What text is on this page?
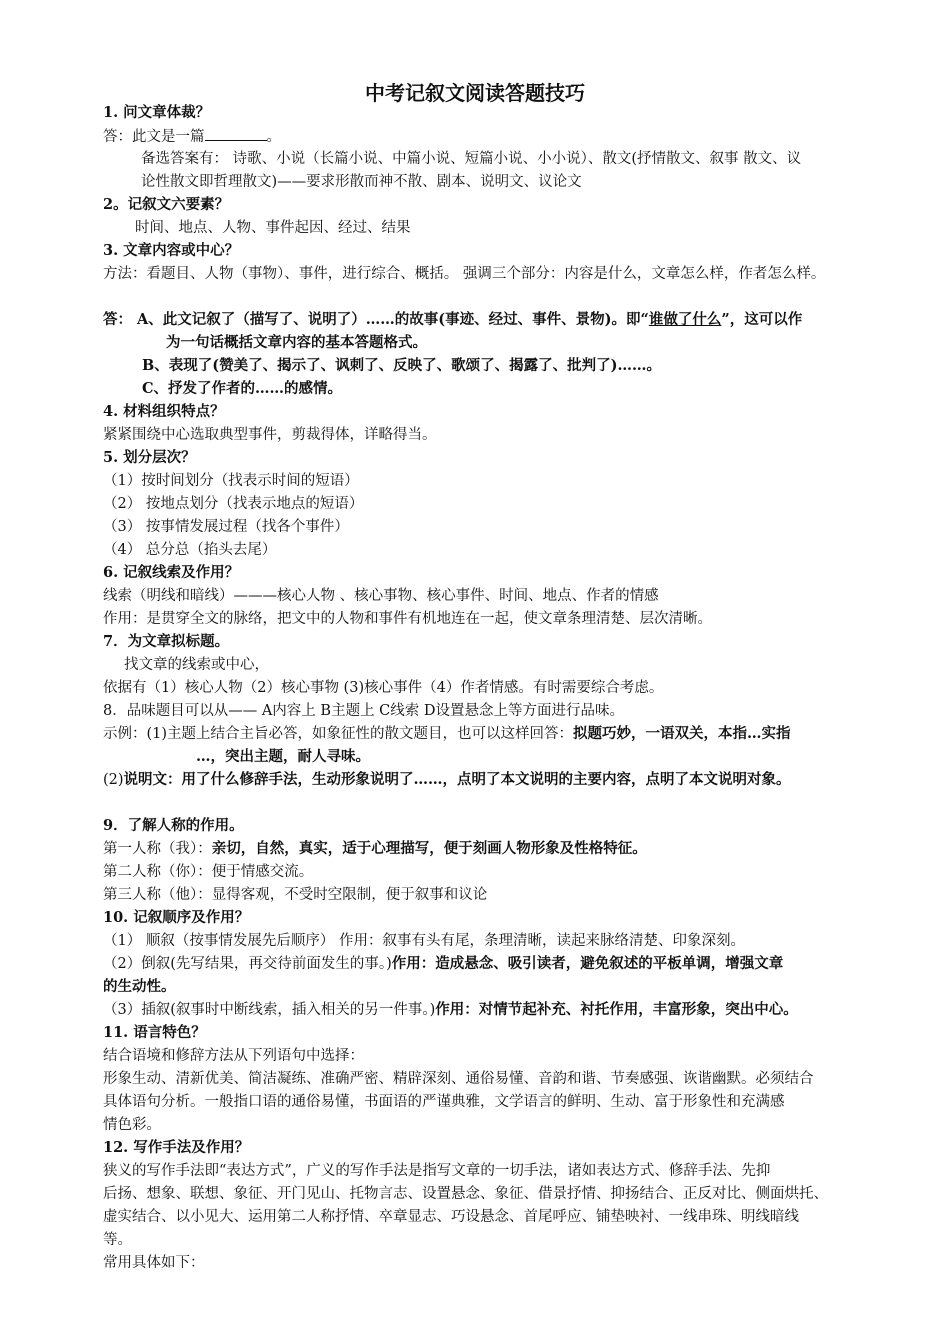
中考记叙文阅读答题技巧
1. 问文章体裁？
答：此文是一篇	。
备选答案有： 诗歌、小说（长篇小说、中篇小说、短篇小说、小小说）、散文(抒情散文、叙事 散文、议
论性散文即哲理散文)——要求形散而神不散、剧本、说明文、议论文
2。记叙文六要素？
时间、地点、人物、事件起因、经过、结果
3. 文章内容或中心？
方法：看题目、人物（事物）、事件，进行综合、概括。 强调三个部分：内容是什么，文章怎么样，作者怎么样。
答： A、此文记叙了（描写了、说明了）……的故事(事迹、经过、事件、景物)。即“谁做了什么”，这可以作
为一句话概括文章内容的基本答题格式。
B、表现了(赞美了、揭示了、讽刺了、反映了、歌颂了、揭露了、批判了)……。
C、抒发了作者的……的感情。
4. 材料组织特点？
紧紧围绕中心选取典型事件，剪裁得体，详略得当。
5. 划分层次？
（1）按时间划分（找表示时间的短语）
（2） 按地点划分（找表示地点的短语）
（3） 按事情发展过程（找各个事件）
（4） 总分总（掐头去尾）
6. 记叙线索及作用？
线索（明线和暗线）———核心人物 、核心事物、核心事件、时间、地点、作者的情感
作用：是贯穿全文的脉络，把文中的人物和事件有机地连在一起，使文章条理清楚、层次清晰。
7．为文章拟标题。
找文章的线索或中心，
依据有（1）核心人物（2）核心事物 (3)核心事件（4）作者情感。有时需要综合考虑。
8．品味题目可以从—— A内容上 B主题上 C线索 D设置悬念上等方面进行品味。
示例：(1)主题上结合主旨必答，如象征性的散文题目，也可以这样回答：拟题巧妙，一语双关，本指…实指
…，突出主题，耐人寻味。
(2)说明文：用了什么修辞手法，生动形象说明了……，点明了本文说明的主要内容，点明了本文说明对象。
9．了解人称的作用。
第一人称（我）：亲切，自然，真实，适于心理描写，便于刻画人物形象及性格特征。
第二人称（你）：便于情感交流。
第三人称（他）：显得客观，不受时空限制，便于叙事和议论
10. 记叙顺序及作用？
（1） 顺叙（按事情发展先后顺序） 作用：叙事有头有尾，条理清晰，读起来脉络清楚、印象深刻。
（2）倒叙(先写结果，再交待前面发生的事。)作用：造成悬念、吸引读者，避免叙述的平板单调，增强文章
的生动性。
（3）插叙(叙事时中断线索，插入相关的另一件事。)作用：对情节起补充、衬托作用，丰富形象，突出中心。
11. 语言特色？
结合语境和修辞方法从下列语句中选择：
形象生动、清新优美、简洁凝练、准确严密、精辟深刻、通俗易懂、音韵和谐、节奏感强、诙谐幽默。必须结合
具体语句分析。一般指口语的通俗易懂，书面语的严谨典雅，文学语言的鲜明、生动、富于形象性和充满感
情色彩。
12. 写作手法及作用？
狭义的写作手法即“表达方式”，广义的写作手法是指写文章的一切手法，诸如表达方式、修辞手法、先抑
后扬、想象、联想、象征、开门见山、托物言志、设置悬念、象征、借景抒情、抑扬结合、正反对比、侧面烘托、
虚实结合、以小见大、运用第二人称抒情、卒章显志、巧设悬念、首尾呼应、铺垫映衬、一线串珠、明线暗线
等。
常用具体如下：
